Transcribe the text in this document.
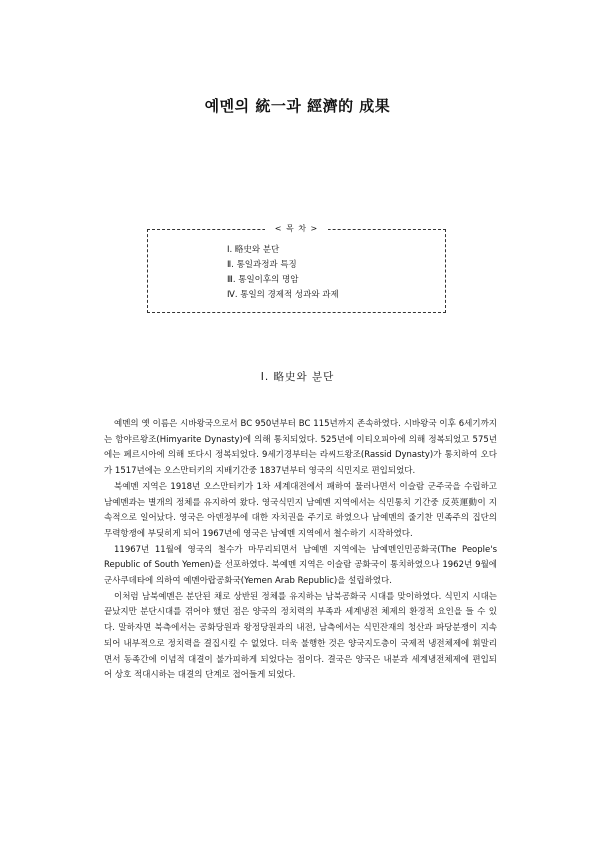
예멘의 統一과 經濟的 成果
< 목 차 >
Ⅰ. 略史와 분단
Ⅱ. 통일과정과 특징
Ⅲ. 통일이후의 명암
Ⅳ. 통일의 경제적 성과와 과제
Ⅰ. 略史와 분단

예멘의 옛 이름은 시바왕국으로서 BC 950년부터 BC 115년까지 존속하였다. 시바왕국 이후 6세기까지는 함야르왕조(Himyarite Dynasty)에 의해 통치되었다. 525년에 이티오피아에 의해 정복되었고 575년에는 페르시아에 의해 또다시 정복되었다. 9세기경부터는 라씨드왕조(Rassid Dynasty)가 통치하여 오다가 1517년에는 오스만터키의 지배기간중 1837년부터 영국의 식민지로 편입되었다.

북예멘 지역은 1918년 오스만터키가 1차 세계대전에서 패하여 물러나면서 이슬람 군주국을 수립하고 남예멘과는 별개의 정체를 유지하여 왔다. 영국식민지 남예멘 지역에서는 식민통치 기간중 反英運動이 지속적으로 일어났다. 영국은 아덴정부에 대한 자치권을 주기로 하였으나 남예멘의 줄기찬 민족주의 집단의 무력항쟁에 부딪히게 되어 1967년에 영국은 남예멘 지역에서 철수하기 시작하였다.

11967년 11월에 영국의 철수가 마무리되면서 남예멘 지역에는 남예멘인민공화국(The People's Republic of South Yemen)을 선포하였다. 북예멘 지역은 이슬람 공화국이 통치하였으나 1962년 9월에 군사쿠데타에 의하여 예멘아랍공화국(Yemen Arab Republic)을 설립하였다.

이처럼 남북예멘은 분단된 채로 상반된 정체를 유지하는 남북공화국 시대를 맞이하였다. 식민지 시대는 끝났지만 분단시대를 겪어야 했던 점은 양국의 정치력의 부족과 세계냉전 체제의 환경적 요인을 들 수 있다. 말하자면 북측에서는 공화당원과 왕정당원과의 내전, 남측에서는 식민잔재의 청산과 파당분쟁이 지속되어 내부적으로 정치력을 결집시킬 수 없었다. 더욱 불행한 것은 양국지도층이 국제적 냉전체제에 휘말리면서 동족간에 이념적 대결이 불가피하게 되었다는 점이다. 결국은 양국은 내분과 세계냉전체제에 편입되어 상호 적대시하는 대결의 단계로 접어들게 되었다.
